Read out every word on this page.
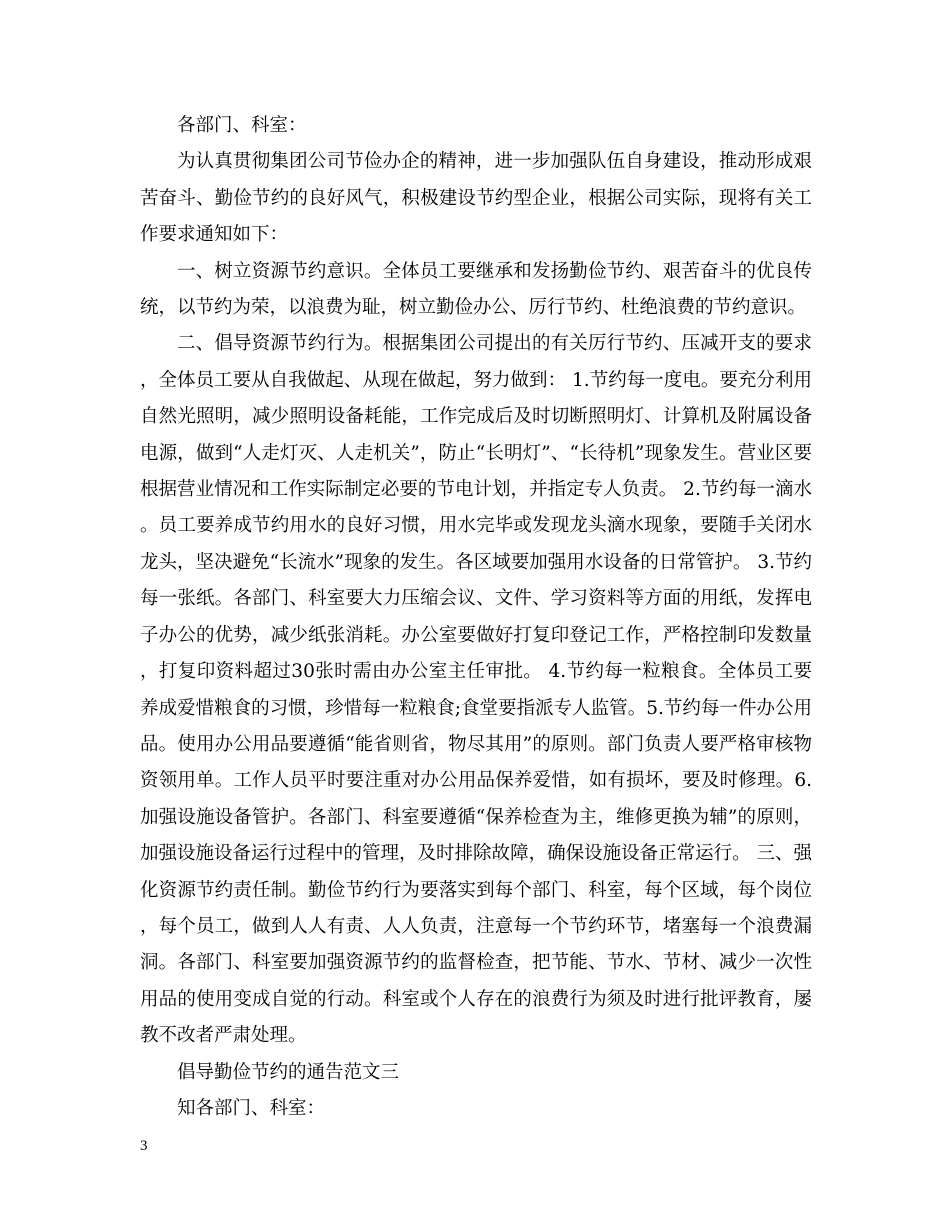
各部门、科室：

为认真贯彻集团公司节俭办企的精神，进一步加强队伍自身建设，推动形成艰苦奋斗、勤俭节约的良好风气，积极建设节约型企业，根据公司实际，现将有关工作要求通知如下：

一、树立资源节约意识。全体员工要继承和发扬勤俭节约、艰苦奋斗的优良传统，以节约为荣，以浪费为耻，树立勤俭办公、厉行节约、杜绝浪费的节约意识。

二、倡导资源节约行为。根据集团公司提出的有关厉行节约、压减开支的要求，全体员工要从自我做起、从现在做起，努力做到： 1.节约每一度电。要充分利用自然光照明，减少照明设备耗能，工作完成后及时切断照明灯、计算机及附属设备电源，做到“人走灯灭、人走机关”，防止“长明灯”、“长待机”现象发生。营业区要根据营业情况和工作实际制定必要的节电计划，并指定专人负责。 2.节约每一滴水。员工要养成节约用水的良好习惯，用水完毕或发现龙头滴水现象，要随手关闭水龙头，坚决避免“长流水”现象的发生。各区域要加强用水设备的日常管护。 3.节约每一张纸。各部门、科室要大力压缩会议、文件、学习资料等方面的用纸，发挥电子办公的优势，减少纸张消耗。办公室要做好打复印登记工作，严格控制印发数量，打复印资料超过30张时需由办公室主任审批。 4.节约每一粒粮食。全体员工要养成爱惜粮食的习惯，珍惜每一粒粮食;食堂要指派专人监管。5.节约每一件办公用品。使用办公用品要遵循“能省则省，物尽其用”的原则。部门负责人要严格审核物资领用单。工作人员平时要注重对办公用品保养爱惜，如有损坏，要及时修理。6.加强设施设备管护。各部门、科室要遵循“保养检查为主，维修更换为辅”的原则，加强设施设备运行过程中的管理，及时排除故障，确保设施设备正常运行。 三、强化资源节约责任制。勤俭节约行为要落实到每个部门、科室，每个区域，每个岗位，每个员工，做到人人有责、人人负责，注意每一个节约环节，堵塞每一个浪费漏洞。各部门、科室要加强资源节约的监督检查，把节能、节水、节材、减少一次性用品的使用变成自觉的行动。科室或个人存在的浪费行为须及时进行批评教育，屡教不改者严肃处理。

倡导勤俭节约的通告范文三

知各部门、科室：

3
